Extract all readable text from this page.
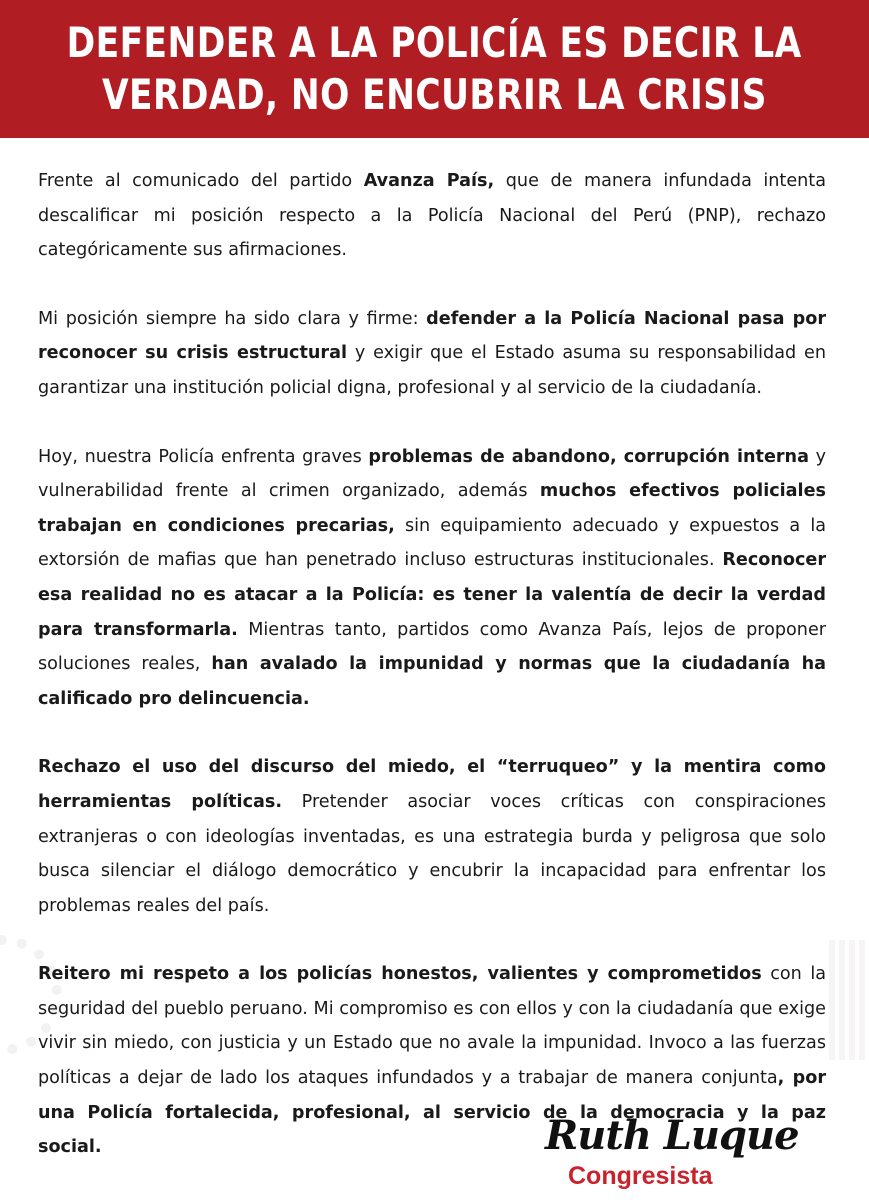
DEFENDER A LA POLICÍA ES DECIR LA
VERDAD, NO ENCUBRIR LA CRISIS

Frente al comunicado del partido Avanza País, que de manera infundada intenta descalificar mi posición respecto a la Policía Nacional del Perú (PNP), rechazo categóricamente sus afirmaciones.

Mi posición siempre ha sido clara y firme: defender a la Policía Nacional pasa por reconocer su crisis estructural y exigir que el Estado asuma su responsabilidad en garantizar una institución policial digna, profesional y al servicio de la ciudadanía.

Hoy, nuestra Policía enfrenta graves problemas de abandono, corrupción interna y vulnerabilidad frente al crimen organizado, además muchos efectivos policiales trabajan en condiciones precarias, sin equipamiento adecuado y expuestos a la extorsión de mafias que han penetrado incluso estructuras institucionales. Reconocer esa realidad no es atacar a la Policía: es tener la valentía de decir la verdad para transformarla. Mientras tanto, partidos como Avanza País, lejos de proponer soluciones reales, han avalado la impunidad y normas que la ciudadanía ha calificado pro delincuencia.

Rechazo el uso del discurso del miedo, el “terruqueo” y la mentira como herramientas políticas. Pretender asociar voces críticas con conspiraciones extranjeras o con ideologías inventadas, es una estrategia burda y peligrosa que solo busca silenciar el diálogo democrático y encubrir la incapacidad para enfrentar los problemas reales del país.

Reitero mi respeto a los policías honestos, valientes y comprometidos con la seguridad del pueblo peruano. Mi compromiso es con ellos y con la ciudadanía que exige vivir sin miedo, con justicia y un Estado que no avale la impunidad. Invoco a las fuerzas políticas a dejar de lado los ataques infundados y a trabajar de manera conjunta, por una Policía fortalecida, profesional, al servicio de la democracia y la paz social.	Ruth Luque
Congresista
